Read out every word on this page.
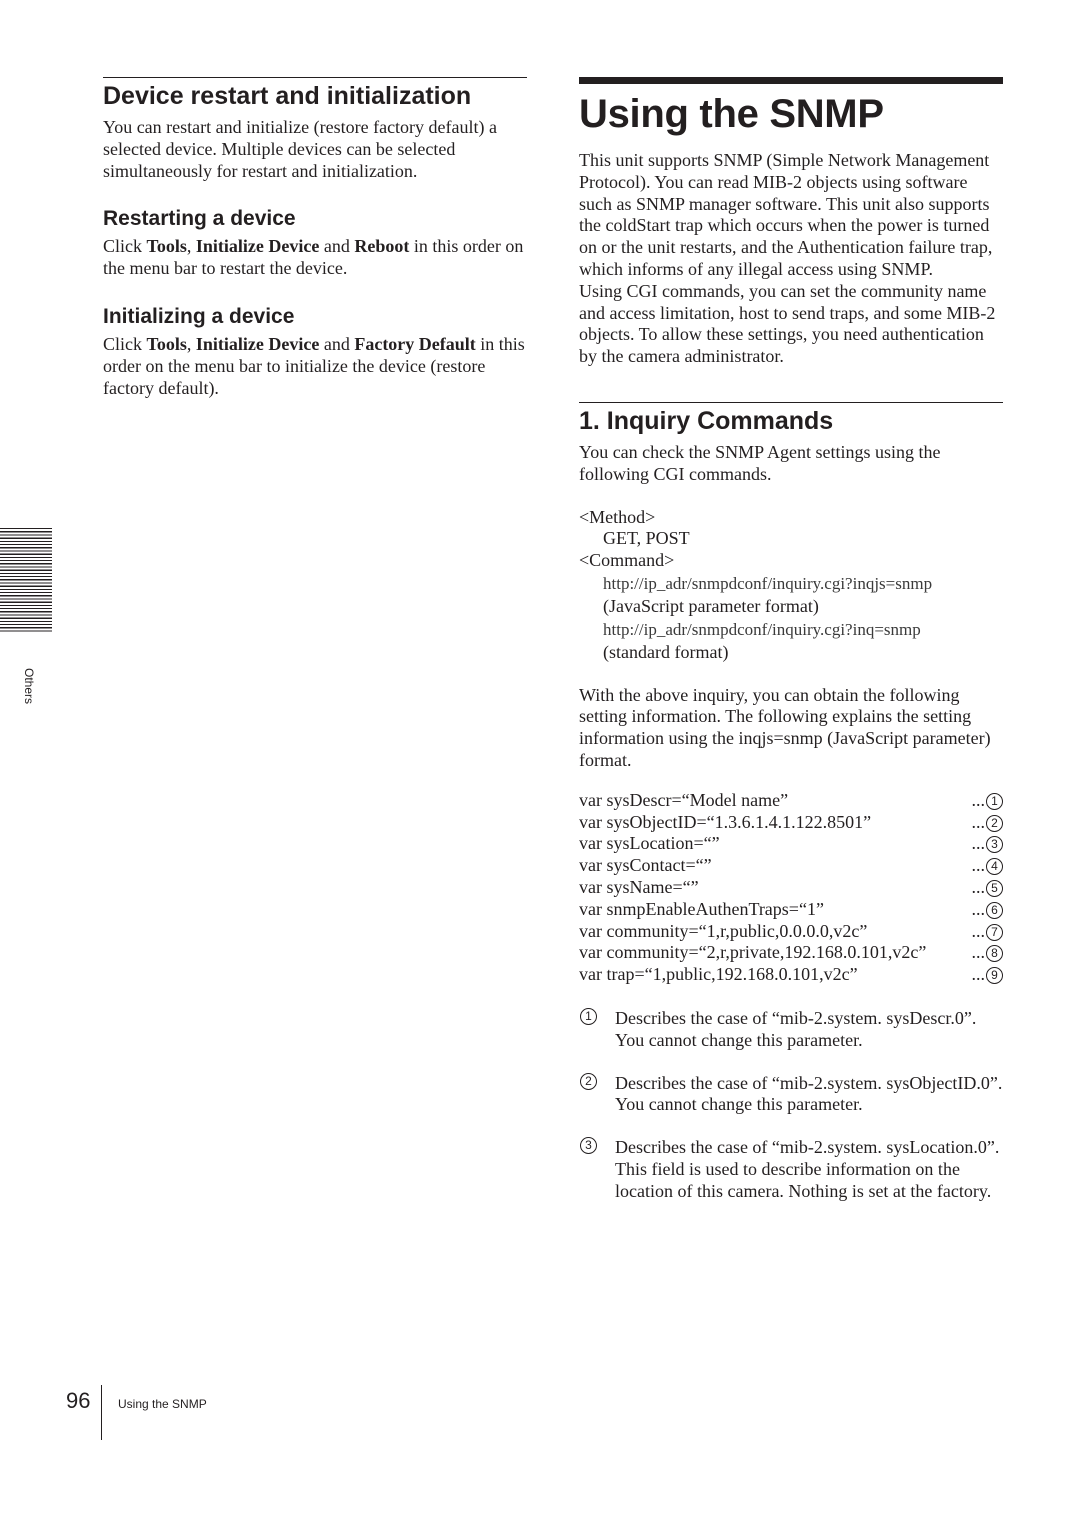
Device restart and initialization

You can restart and initialize (restore factory default) a selected device. Multiple devices can be selected simultaneously for restart and initialization.

Restarting a device

Click Tools, Initialize Device and Reboot in this order on the menu bar to restart the device.

Initializing a device

Click Tools, Initialize Device and Factory Default in this order on the menu bar to initialize the device (restore factory default).

Using the SNMP

This unit supports SNMP (Simple Network Management Protocol). You can read MIB-2 objects using software such as SNMP manager software. This unit also supports the coldStart trap which occurs when the power is turned on or the unit restarts, and the Authentication failure trap, which informs of any illegal access using SNMP.

Using CGI commands, you can set the community name and access limitation, host to send traps, and some MIB-2 objects. To allow these settings, you need authentication by the camera administrator.

1. Inquiry Commands

You can check the SNMP Agent settings using the following CGI commands.

<Method>

GET, POST

<Command>

http://ip_adr/snmpdconf/inquiry.cgi?inqjs=snmp

(JavaScript parameter format)

http://ip_adr/snmpdconf/inquiry.cgi?inq=snmp

(standard format)

With the above inquiry, you can obtain the following setting information. The following explains the setting information using the inqjs=snmp (JavaScript parameter) format.

var sysDescr=“Model name”	... 1
var sysObjectID=“1.3.6.1.4.1.122.8501”	... 2
var sysLocation=“”	... 3
var sysContact=“”	... 4
var sysName=“”	... 5
var snmpEnableAuthenTraps=“1”	... 6
var community=“1,r,public,0.0.0.0,v2c”	... 7
var community=“2,r,private,192.168.0.101,v2c”	... 8
var trap=“1,public,192.168.0.101,v2c”	... 9
1	Describes the case of “mib-2.system. sysDescr.0”. You cannot change this parameter.
2	Describes the case of “mib-2.system. sysObjectID.0”. You cannot change this parameter.
3	Describes the case of “mib-2.system. sysLocation.0”. This field is used to describe information on the location of this camera. Nothing is set at the factory.
Others
96 Using the SNMP
